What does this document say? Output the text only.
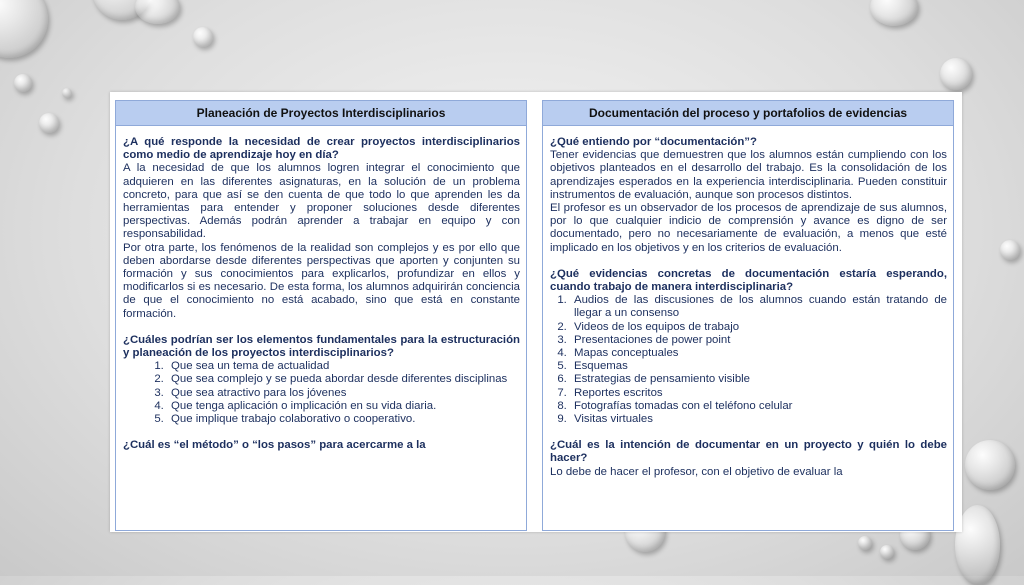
Planeación de Proyectos Interdisciplinarios

¿A qué responde la necesidad de crear proyectos interdisciplinarios como medio de aprendizaje hoy en día?

A la necesidad de que los alumnos logren integrar el conocimiento que adquieren en las diferentes asignaturas, en la solución de un problema concreto, para que así se den cuenta de que todo lo que aprenden les da herramientas para entender y proponer soluciones desde diferentes perspectivas. Además podrán aprender a trabajar en equipo y con responsabilidad.

Por otra parte, los fenómenos de la realidad son complejos y es por ello que deben abordarse desde diferentes perspectivas que aporten y conjunten su formación y sus conocimientos para explicarlos, profundizar en ellos y modificarlos si es necesario. De esta forma, los alumnos adquirirán conciencia de que el conocimiento no está acabado, sino que está en constante formación.

¿Cuáles podrían ser los elementos fundamentales para la estructuración y planeación de los proyectos interdisciplinarios?

1. Que sea un tema de actualidad
2. Que sea complejo y se pueda abordar desde diferentes disciplinas
3. Que sea atractivo para los jóvenes
4. Que tenga aplicación o implicación en su vida diaria.
5. Que implique trabajo colaborativo o cooperativo.

¿Cuál es “el método” o “los pasos” para acercarme a la

Documentación del proceso y portafolios de evidencias

¿Qué entiendo por “documentación”?

Tener evidencias que demuestren que los alumnos están cumpliendo con los objetivos planteados en el desarrollo del trabajo. Es la consolidación de los aprendizajes esperados en la experiencia interdisciplinaria. Pueden constituir instrumentos de evaluación, aunque son procesos distintos.

El profesor es un observador de los procesos de aprendizaje de sus alumnos, por lo que cualquier indicio de comprensión y avance es digno de ser documentado, pero no necesariamente de evaluación, a menos que esté implicado en los objetivos y en los criterios de evaluación.

¿Qué evidencias concretas de documentación estaría esperando, cuando trabajo de manera interdisciplinaria?

1. Audios de las discusiones de los alumnos cuando están tratando de llegar a un consenso
2. Videos de los equipos de trabajo
3. Presentaciones de power point
4. Mapas conceptuales
5. Esquemas
6. Estrategias de pensamiento visible
7. Reportes escritos
8. Fotografías tomadas con el teléfono celular
9. Visitas virtuales

¿Cuál es la intención de documentar en un proyecto y quién lo debe hacer?

Lo debe de hacer el profesor, con el objetivo de evaluar la
